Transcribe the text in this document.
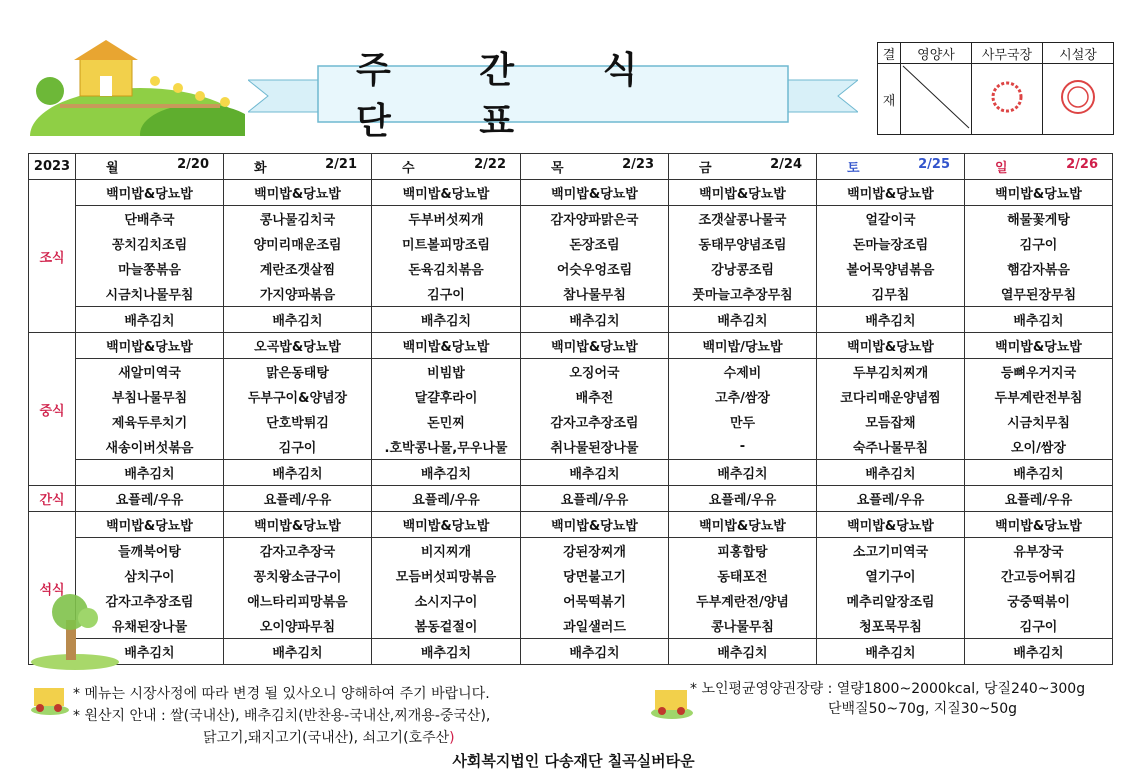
주 간 식 단 표
결	영양사	사무국장	시설장
재			
2023	월 2/20	화 2/21	수 2/22	목 2/23	금 2/24	토 2/25	일 2/26

조식	백미밥&당뇨밥	백미밥&당뇨밥	백미밥&당뇨밥	백미밥&당뇨밥	백미밥&당뇨밥	백미밥&당뇨밥	백미밥&당뇨밥
	단배추국	콩나물김치국	두부버섯찌개	감자양파맑은국	조갯살콩나물국	얼갈이국	해물꽃게탕
	꽁치김치조림	양미리매운조림	미트볼피망조림	돈장조림	동태무양념조림	돈마늘장조림	김구이
	마늘쫑볶음	계란조갯살찜	돈육김치볶음	어슷우엉조림	강낭콩조림	볼어묵양념볶음	햄감자볶음
	시금치나물무침	가지양파볶음	김구이	참나물무침	풋마늘고추장무침	김무침	열무된장무침
	배추김치	배추김치	배추김치	배추김치	배추김치	배추김치	배추김치
중식	백미밥&당뇨밥	오곡밥&당뇨밥	백미밥&당뇨밥	백미밥&당뇨밥	백미밥/당뇨밥	백미밥&당뇨밥	백미밥&당뇨밥
	새알미역국	맑은동태탕	비빔밥	오징어국	수제비	두부김치찌개	등뼈우거지국
	부침나물무침	두부구이&양념장	달걀후라이	배추전	고추/쌈장	코다리매운양념찜	두부계란전부침
	제육두루치기	단호박튀김	돈민찌	감자고추장조림	만두	모듬잡채	시금치무침
	새송이버섯볶음	김구이	.호박콩나물,무우나물	취나물된장나물	-	숙주나물무침	오이/쌈장
	배추김치	배추김치	배추김치	배추김치	배추김치	배추김치	배추김치
간식	요플레/우유	요플레/우유	요플레/우유	요플레/우유	요플레/우유	요플레/우유	요플레/우유
석식	백미밥&당뇨밥	백미밥&당뇨밥	백미밥&당뇨밥	백미밥&당뇨밥	백미밥&당뇨밥	백미밥&당뇨밥	백미밥&당뇨밥
	들깨북어탕	감자고추장국	비지찌개	강된장찌개	피홍합탕	소고기미역국	유부장국
	삼치구이	꽁치왕소금구이	모듬버섯피망볶음	당면불고기	동태포전	열기구이	간고등어튀김
	감자고추장조림	애느타리피망볶음	소시지구이	어묵떡볶기	두부계란전/양념	메추리알장조림	궁중떡볶이
	유채된장나물	오이양파무침	봄동겉절이	과일샐러드	콩나물무침	청포묵무침	김구이
	배추김치	배추김치	배추김치	배추김치	배추김치	배추김치	배추김치
* 메뉴는 시장사정에 따라 변경 될 있사오니 양해하여 주기 바랍니다.
* 원산지 안내 : 쌀(국내산), 배추김치(반찬용-국내산,찌개용-중국산),
닭고기,돼지고기(국내산), 쇠고기(호주산)
* 노인평균영양권장량 : 열량1800~2000kcal, 당질240~300g
단백질50~70g, 지질30~50g
사회복지법인 다송재단 칠곡실버타운
